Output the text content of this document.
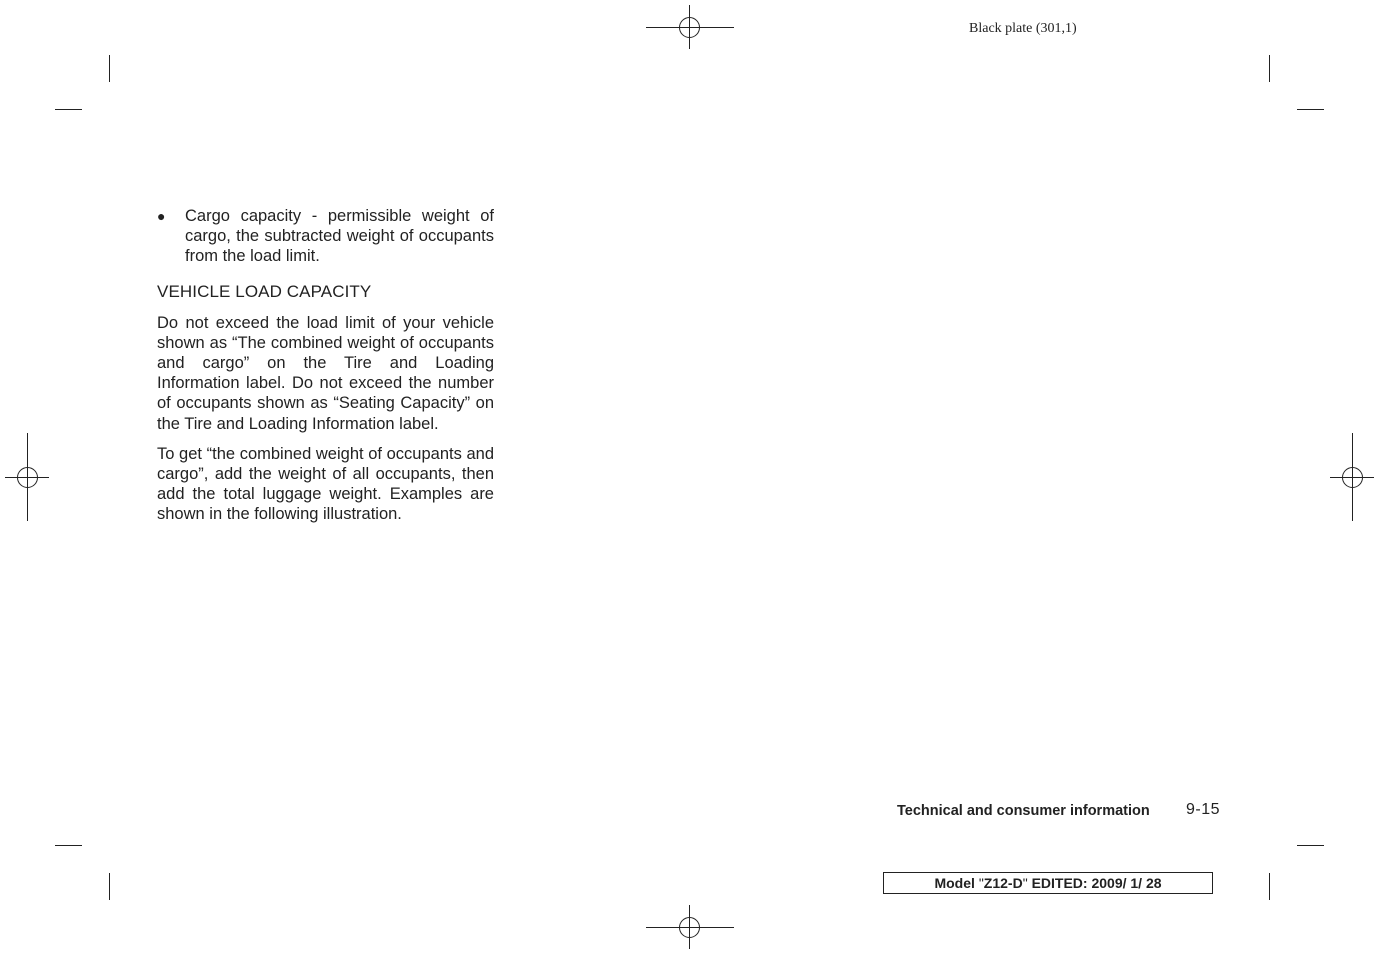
Black plate (301,1)

● Cargo capacity - permissible weight of cargo, the subtracted weight of occupants from the load limit.

VEHICLE LOAD CAPACITY

Do not exceed the load limit of your vehicle shown as “The combined weight of occupants and cargo” on the Tire and Loading Information label. Do not exceed the number of occupants shown as “Seating Capacity” on the Tire and Loading Information label.

To get “the combined weight of occupants and cargo”, add the weight of all occupants, then add the total luggage weight. Examples are shown in the following illustration.

Technical and consumer information 9-15
Model "Z12-D" EDITED: 2009/ 1/ 28
